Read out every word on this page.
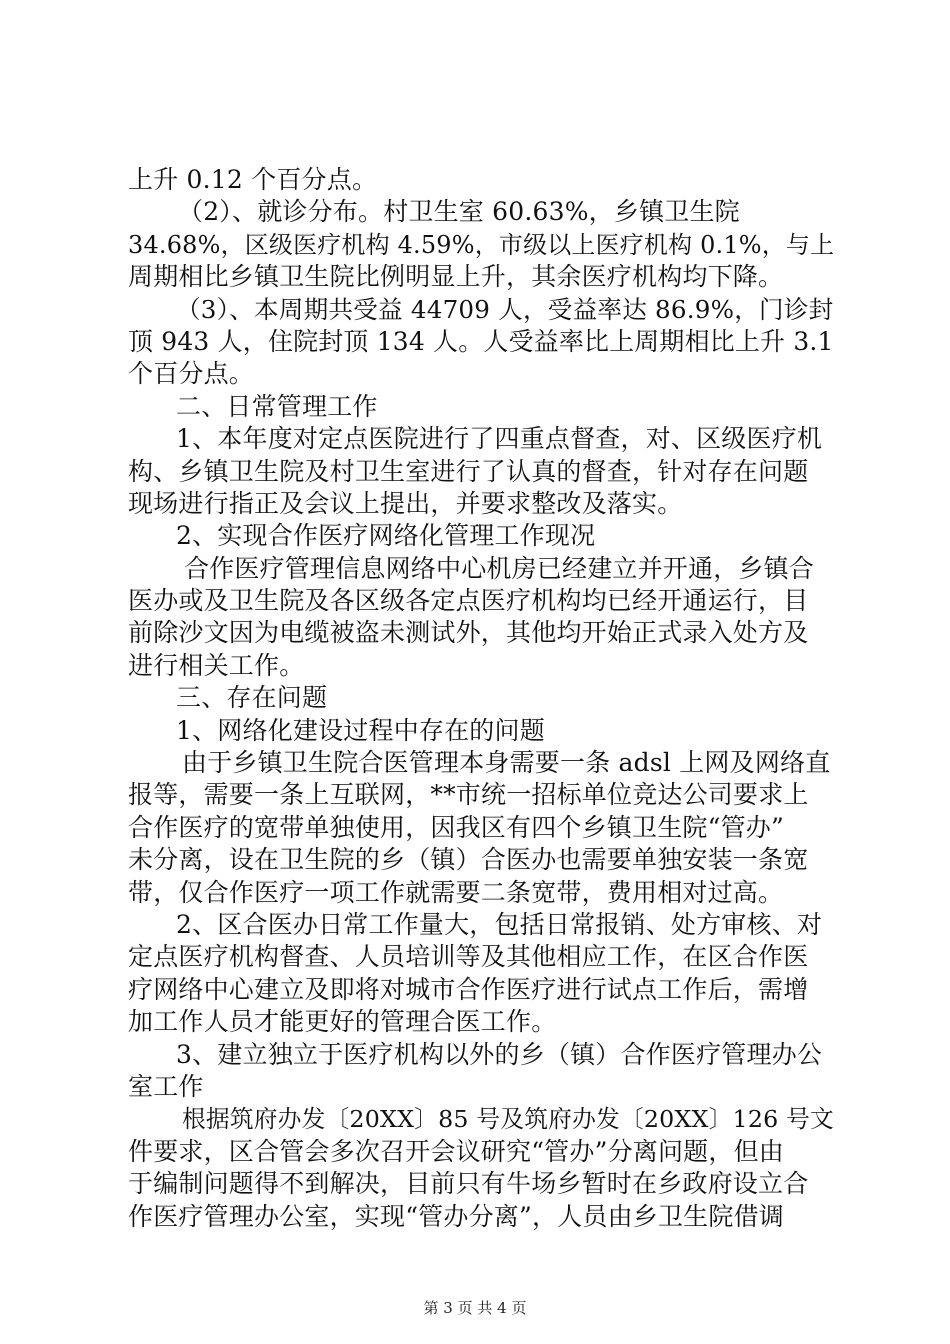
上升 0.12 个百分点。
（2）、就诊分布。村卫生室 60.63%，乡镇卫生院
34.68%，区级医疗机构 4.59%，市级以上医疗机构 0.1%，与上
周期相比乡镇卫生院比例明显上升，其余医疗机构均下降。
（3）、本周期共受益 44709 人，受益率达 86.9%，门诊封
顶 943 人，住院封顶 134 人。人受益率比上周期相比上升 3.1
个百分点。
二、日常管理工作
1、本年度对定点医院进行了四重点督查，对、区级医疗机
构、乡镇卫生院及村卫生室进行了认真的督查，针对存在问题
现场进行指正及会议上提出，并要求整改及落实。
2、实现合作医疗网络化管理工作现况
合作医疗管理信息网络中心机房已经建立并开通，乡镇合
医办或及卫生院及各区级各定点医疗机构均已经开通运行，目
前除沙文因为电缆被盗未测试外，其他均开始正式录入处方及
进行相关工作。
三、存在问题
1、网络化建设过程中存在的问题
由于乡镇卫生院合医管理本身需要一条 adsl 上网及网络直
报等，需要一条上互联网，**市统一招标单位竞达公司要求上
合作医疗的宽带单独使用，因我区有四个乡镇卫生院“管办”
未分离，设在卫生院的乡（镇）合医办也需要单独安装一条宽
带，仅合作医疗一项工作就需要二条宽带，费用相对过高。
2、区合医办日常工作量大，包括日常报销、处方审核、对
定点医疗机构督查、人员培训等及其他相应工作，在区合作医
疗网络中心建立及即将对城市合作医疗进行试点工作后，需增
加工作人员才能更好的管理合医工作。
3、建立独立于医疗机构以外的乡（镇）合作医疗管理办公
室工作
根据筑府办发〔20XX〕85 号及筑府办发〔20XX〕126 号文
件要求，区合管会多次召开会议研究“管办”分离问题，但由
于编制问题得不到解决，目前只有牛场乡暂时在乡政府设立合
作医疗管理办公室，实现“管办分离”，人员由乡卫生院借调
第 3 页 共 4 页
